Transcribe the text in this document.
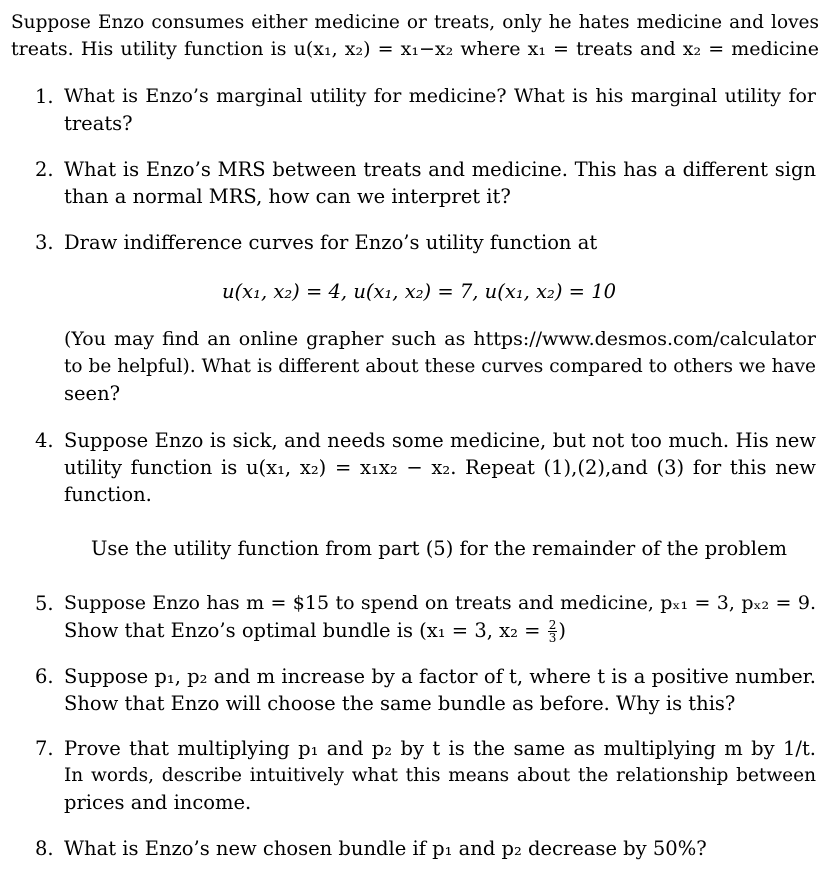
Suppose Enzo consumes either medicine or treats, only he hates medicine and loves
treats. His utility function is u(x₁, x₂) = x₁−x₂ where x₁ = treats and x₂ = medicine
1. What is Enzo’s marginal utility for medicine? What is his marginal utility for
treats?
2. What is Enzo’s MRS between treats and medicine. This has a different sign
than a normal MRS, how can we interpret it?
3. Draw indifference curves for Enzo’s utility function at
u(x₁, x₂) = 4, u(x₁, x₂) = 7, u(x₁, x₂) = 10
(You may find an online grapher such as https://www.desmos.com/calculator
to be helpful). What is different about these curves compared to others we have
seen?
4. Suppose Enzo is sick, and needs some medicine, but not too much. His new
utility function is u(x₁, x₂) = x₁x₂ − x₂. Repeat (1),(2),and (3) for this new
function.
Use the utility function from part (5) for the remainder of the problem
5. Suppose Enzo has m = $15 to spend on treats and medicine, pₓ₁ = 3, pₓ₂ = 9.
Show that Enzo’s optimal bundle is (x₁ = 3, $x_2 = \frac{2}{3}$ )
6. Suppose p₁, p₂ and m increase by a factor of t, where t is a positive number.
Show that Enzo will choose the same bundle as before. Why is this?
7. Prove that multiplying p₁ and p₂ by t is the same as multiplying m by 1/t.
In words, describe intuitively what this means about the relationship between
prices and income.
8. What is Enzo’s new chosen bundle if p₁ and p₂ decrease by 50%?
